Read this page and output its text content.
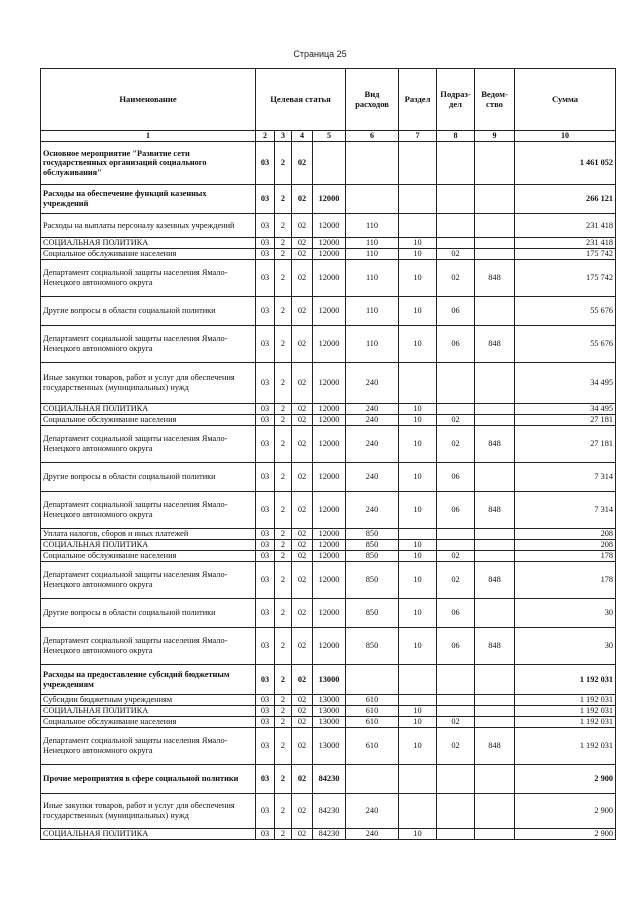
Страница 25
Наименование	Целевая статья				Вид расходов	Раздел	Подраз-дел	Ведом-ство	Сумма
1	2	3	4	5	6	7	8	9	10
Основное мероприятие "Развитие сети государственных организаций социального обслуживания"	03	2	02						1 461 052
Расходы на обеспечение функций казенных учреждений	03	2	02	12000					266 121
Расходы на выплаты персоналу казенных учреждений	03	2	02	12000	110				231 418
СОЦИАЛЬНАЯ ПОЛИТИКА	03	2	02	12000	110	10			231 418
Социальное обслуживание населения	03	2	02	12000	110	10	02		175 742
Департамент социальной защиты населения Ямало-Ненецкого автономного округа	03	2	02	12000	110	10	02	848	175 742
Другие вопросы в области социальной политики	03	2	02	12000	110	10	06		55 676
Департамент социальной защиты населения Ямало-Ненецкого автономного округа	03	2	02	12000	110	10	06	848	55 676
Иные закупки товаров, работ и услуг для обеспечения государственных (муниципальных) нужд	03	2	02	12000	240				34 495
СОЦИАЛЬНАЯ ПОЛИТИКА	03	2	02	12000	240	10			34 495
Социальное обслуживание населения	03	2	02	12000	240	10	02		27 181
Департамент социальной защиты населения Ямало-Ненецкого автономного округа	03	2	02	12000	240	10	02	848	27 181
Другие вопросы в области социальной политики	03	2	02	12000	240	10	06		7 314
Департамент социальной защиты населения Ямало-Ненецкого автономного округа	03	2	02	12000	240	10	06	848	7 314
Уплата налогов, сборов и иных платежей	03	2	02	12000	850				208
СОЦИАЛЬНАЯ ПОЛИТИКА	03	2	02	12000	850	10			208
Социальное обслуживание населения	03	2	02	12000	850	10	02		178
Департамент социальной защиты населения Ямало-Ненецкого автономного округа	03	2	02	12000	850	10	02	848	178
Другие вопросы в области социальной политики	03	2	02	12000	850	10	06		30
Департамент социальной защиты населения Ямало-Ненецкого автономного округа	03	2	02	12000	850	10	06	848	30
Расходы на предоставление субсидий бюджетным учреждениям	03	2	02	13000					1 192 031
Субсидии бюджетным учреждениям	03	2	02	13000	610				1 192 031
СОЦИАЛЬНАЯ ПОЛИТИКА	03	2	02	13000	610	10			1 192 031
Социальное обслуживание населения	03	2	02	13000	610	10	02		1 192 031
Департамент социальной защиты населения Ямало-Ненецкого автономного округа	03	2	02	13000	610	10	02	848	1 192 031
Прочие мероприятия в сфере социальной политики	03	2	02	84230					2 900
Иные закупки товаров, работ и услуг для обеспечения государственных (муниципальных) нужд	03	2	02	84230	240				2 900
СОЦИАЛЬНАЯ ПОЛИТИКА	03	2	02	84230	240	10			2 900
